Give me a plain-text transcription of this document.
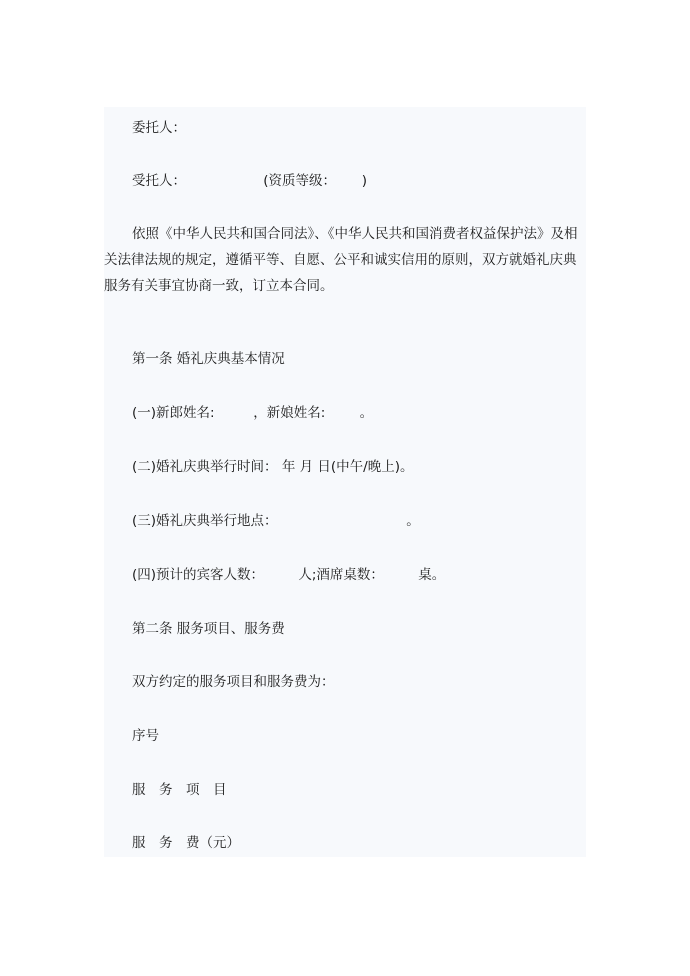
委托人：
受托人：                  (资质等级：      )
依照《中华人民共和国合同法》、《中华人民共和国消费者权益保护法》及相关法律法规的规定，遵循平等、自愿、公平和诚实信用的原则，双方就婚礼庆典服务有关事宜协商一致，订立本合同。
第一条 婚礼庆典基本情况
(一)新郎姓名:         ，新娘姓名:        。
(二)婚礼庆典举行时间： 年 月 日(中午/晚上)。
(三)婚礼庆典举行地点：                              。
(四)预计的宾客人数：        人;酒席桌数：        桌。
第二条 服务项目、服务费
双方约定的服务项目和服务费为：
序号
服　务　项　目
服　务　费（元）
